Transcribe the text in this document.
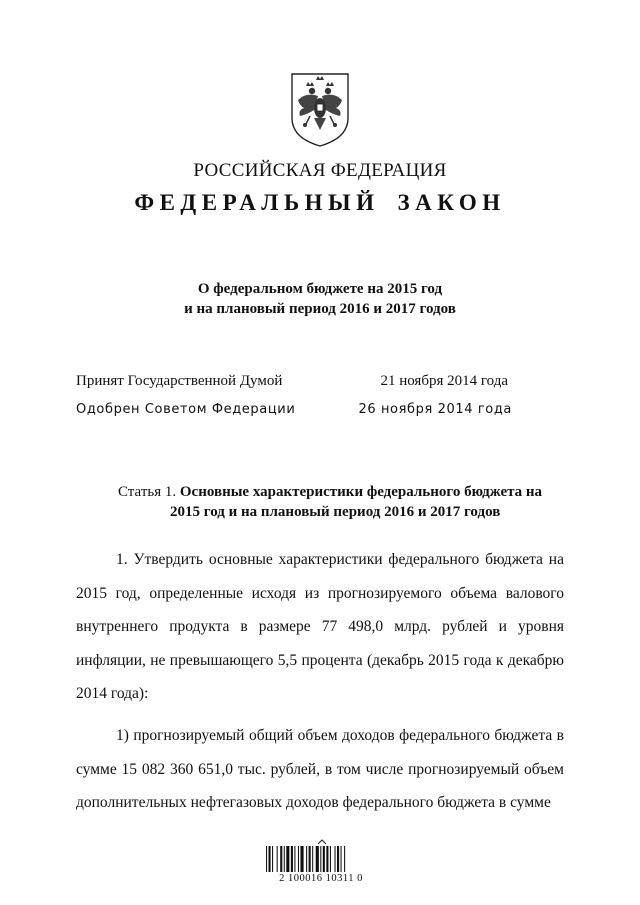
РОССИЙСКАЯ ФЕДЕРАЦИЯ
ФЕДЕРАЛЬНЫЙ ЗАКОН
О федеральном бюджете на 2015 год
и на плановый период 2016 и 2017 годов
Принят Государственной Думой	21 ноября 2014 года
Одобрен Советом Федерации	26 ноября 2014 года
Статья 1. Основные характеристики федерального бюджета на
2015 год и на плановый период 2016 и 2017 годов
1. Утвердить основные характеристики федерального бюджета на 2015 год, определенные исходя из прогнозируемого объема валового внутреннего продукта в размере 77 498,0 млрд. рублей и уровня инфляции, не превышающего 5,5 процента (декабрь 2015 года к декабрю 2014 года):
1) прогнозируемый общий объем доходов федерального бюджета в сумме 15 082 360 651,0 тыс. рублей, в том числе прогнозируемый объем дополнительных нефтегазовых доходов федерального бюджета в сумме
2 100016 10311 0
